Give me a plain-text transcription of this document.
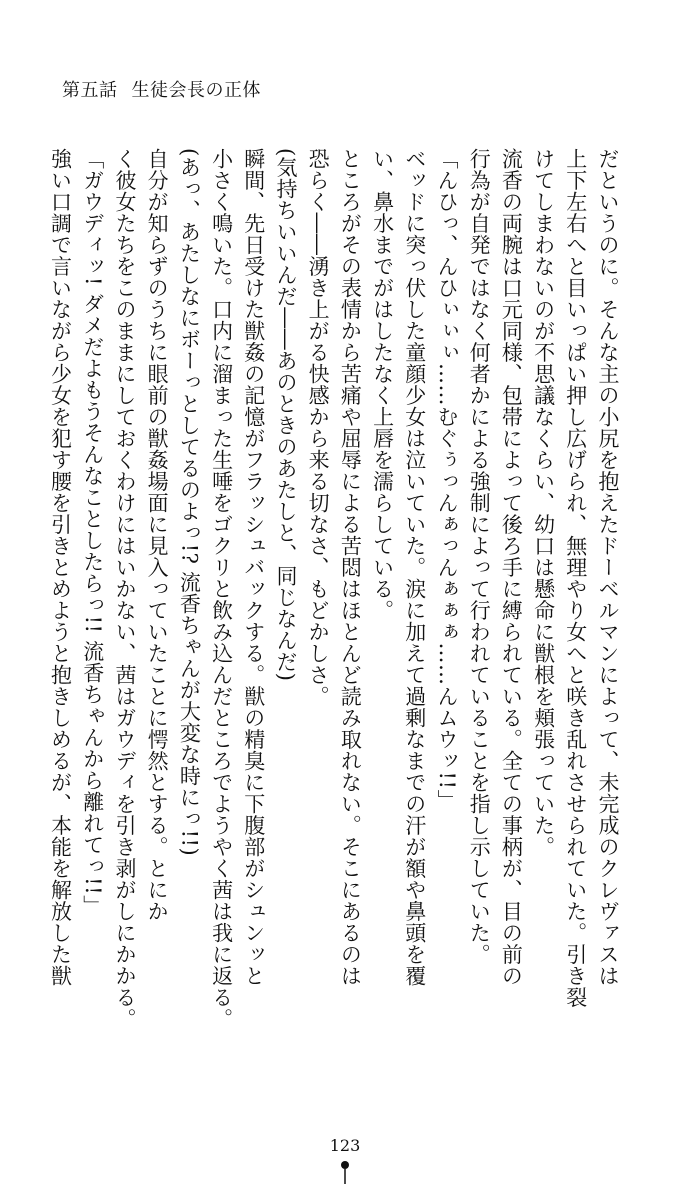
第五話 生徒会長の正体
だというのに。そんな主の小尻を抱えたドーベルマンによって、未完成のクレヴァスは
上下左右へと目いっぱい押し広げられ、無理やり女へと咲き乱れさせられていた。引き裂
けてしまわないのが不思議なくらい、幼口は懸命に獣根を頬張っていた。
流香の両腕は口元同様、包帯によって後ろ手に縛られている。全ての事柄が、目の前の
行為が自発ではなく何者かによる強制によって行われていることを指し示していた。
「んひっ、んひぃぃぃ……むぐぅっんぁっんぁぁぁ……んムウッ!!」
ベッドに突っ伏した童顔少女は泣いていた。涙に加えて過剰なまでの汗が額や鼻頭を覆
い、鼻水までがはしたなく上唇を濡らしている。
ところがその表情から苦痛や屈辱による苦悶はほとんど読み取れない。そこにあるのは
恐らく――湧き上がる快感から来る切なさ、もどかしさ。
(気持ちいいんだ――あのときのあたしと、同じなんだ)
瞬間、先日受けた獣姦の記憶がフラッシュバックする。獣の精臭に下腹部がシュンッと
小さく鳴いた。口内に溜まった生唾をゴクリと飲み込んだところでようやく茜は我に返る。
(あっ、あたしなにボーっとしてるのよっ!? 流香ちゃんが大変な時にっ!!)
自分が知らずのうちに眼前の獣姦場面に見入っていたことに愕然とする。とにか
く彼女たちをこのままにしておくわけにはいかない、茜はガウディを引き剥がしにかかる。
「ガウディッ! ダメだよもうそんなことしたらっ!! 流香ちゃんから離れてっ!!」
強い口調で言いながら少女を犯す腰を引きとめようと抱きしめるが、本能を解放した獣
123
